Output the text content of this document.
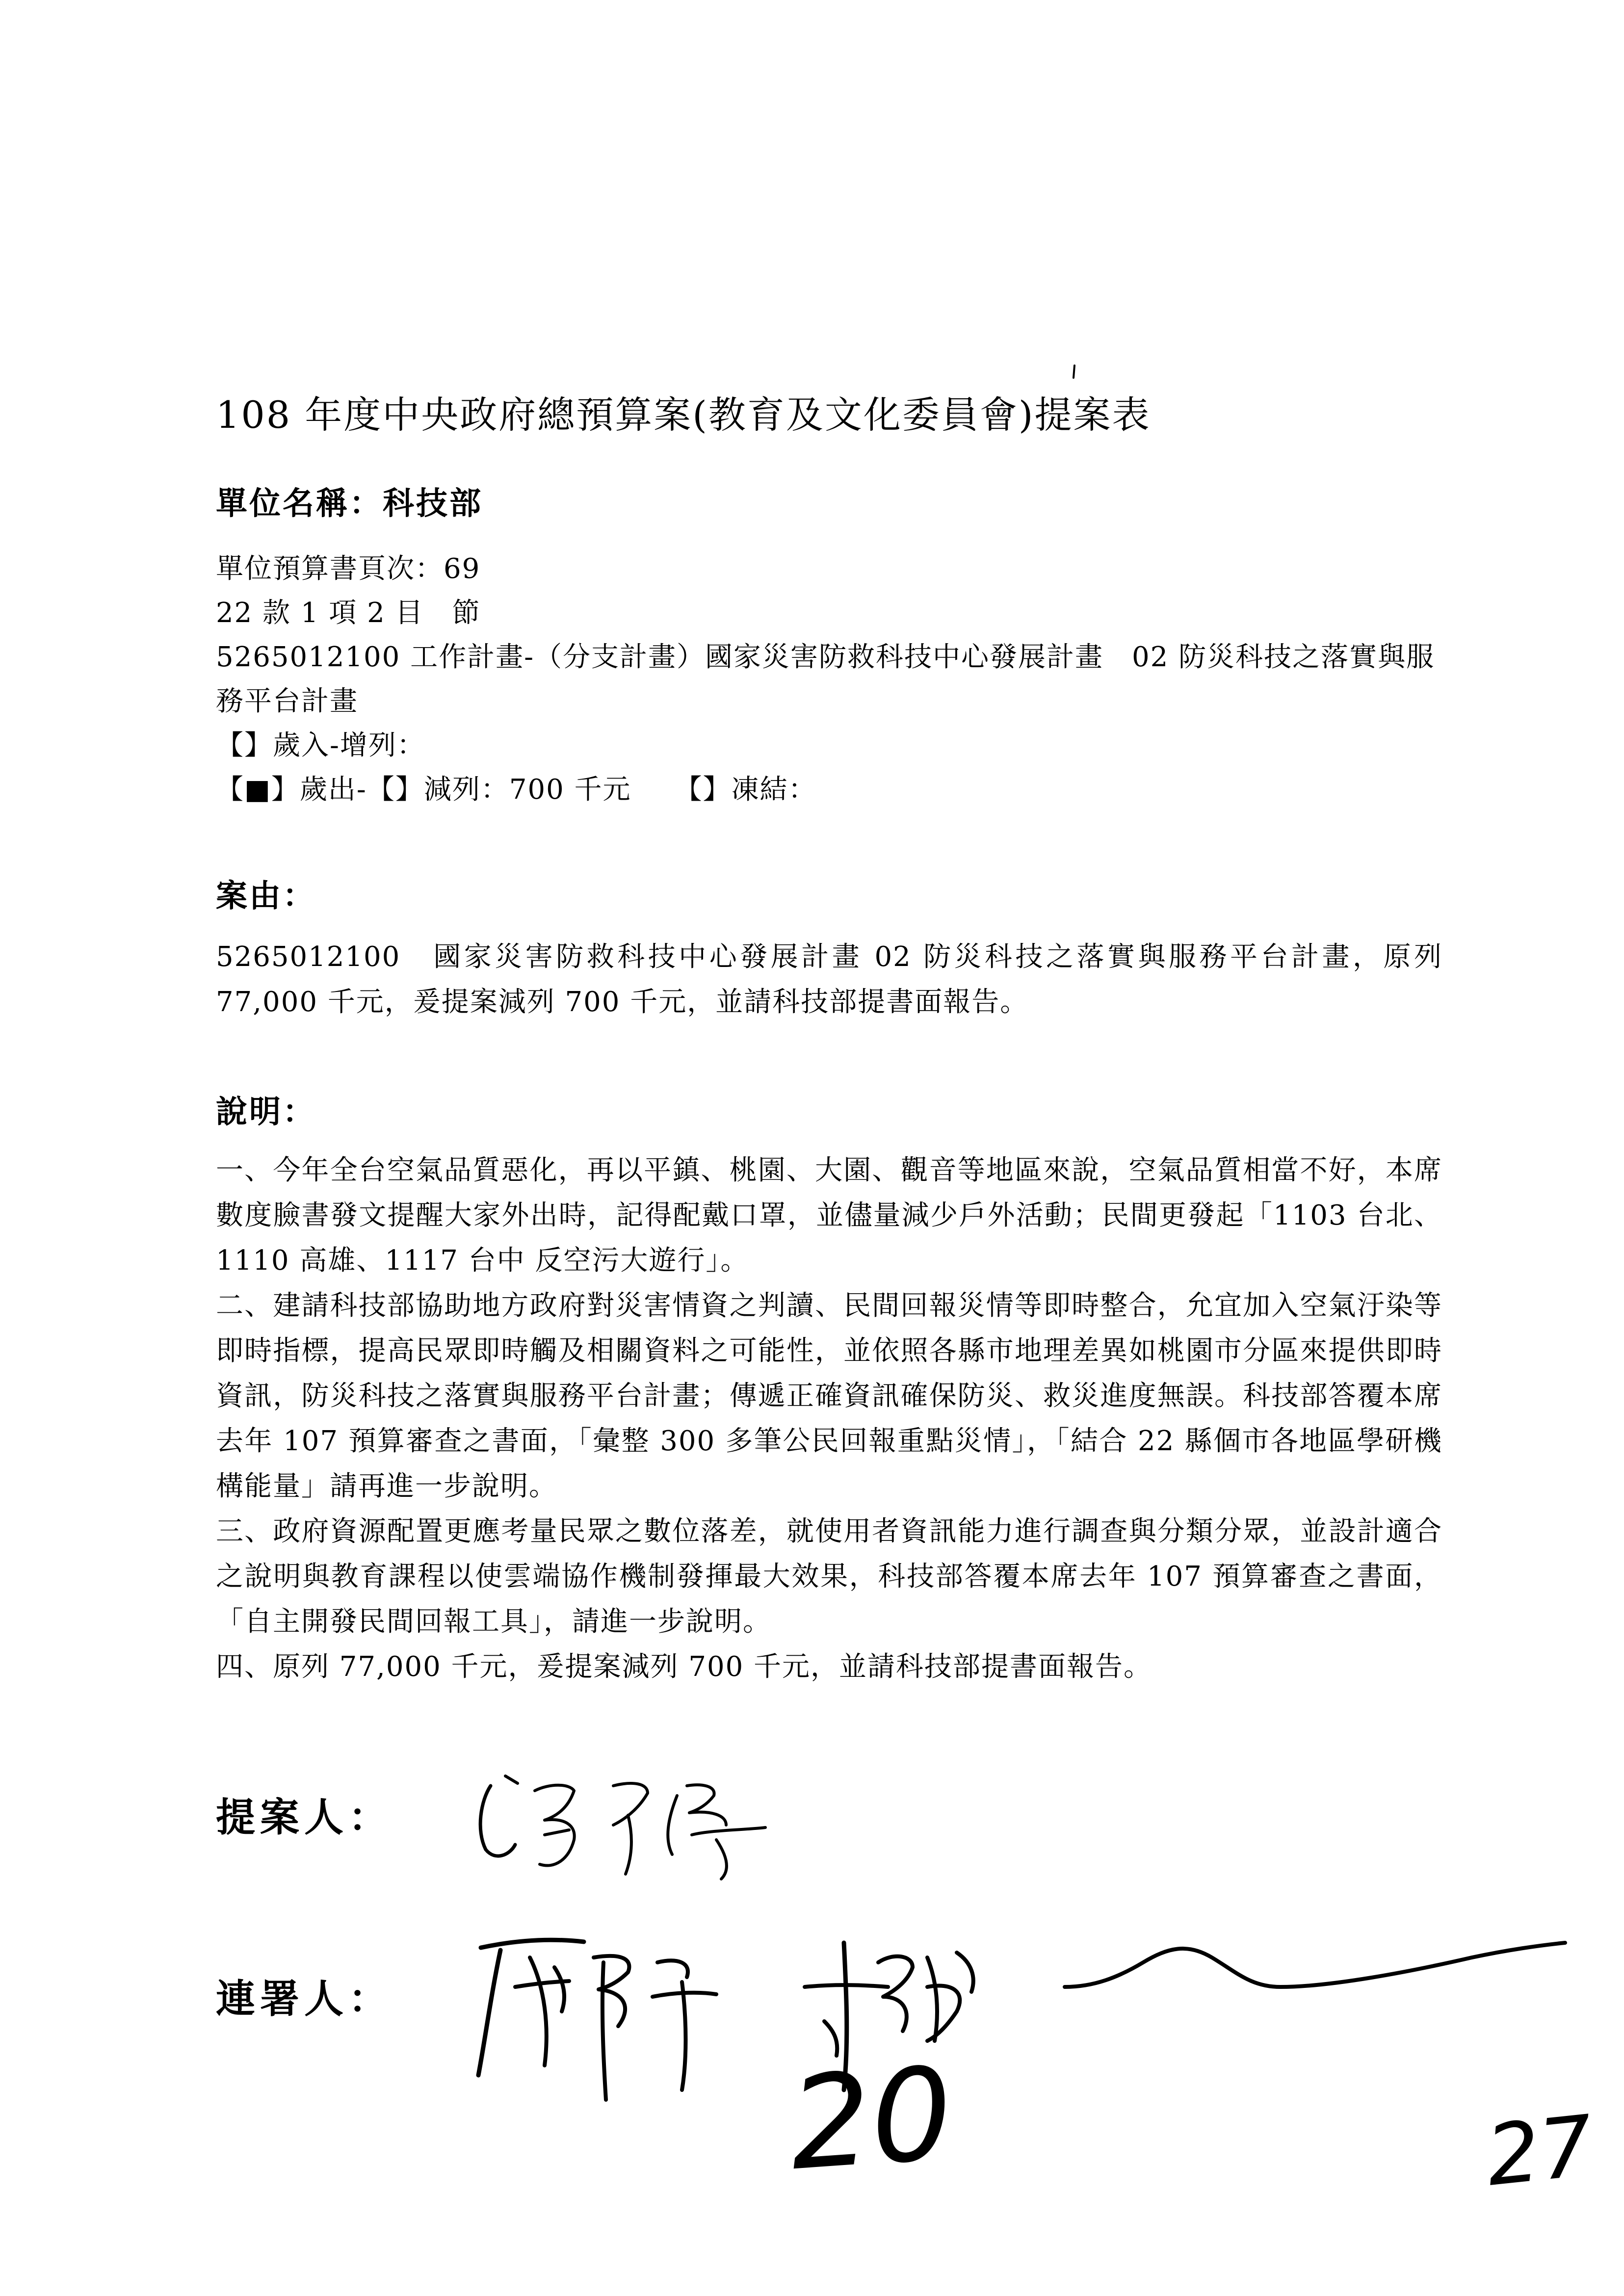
108 年度中央政府總預算案(教育及文化委員會)提案表
單位名稱：科技部
單位預算書頁次：69
22 款 1 項 2 目　節
5265012100 工作計畫-（分支計畫）國家災害防救科技中心發展計畫　02 防災科技之落實與服務平台計畫
【】歲入-增列：
【■】歲出-【】減列：700 千元　　【】凍結：
案由：
5265012100　國家災害防救科技中心發展計畫 02 防災科技之落實與服務平台計畫，原列 77,000 千元，爰提案減列 700 千元，並請科技部提書面報告。
說明：
一、今年全台空氣品質惡化，再以平鎮、桃園、大園、觀音等地區來說，空氣品質相當不好，本席數度臉書發文提醒大家外出時，記得配戴口罩，並儘量減少戶外活動；民間更發起「1103 台北、1110 高雄、1117 台中 反空污大遊行」。
二、建請科技部協助地方政府對災害情資之判讀、民間回報災情等即時整合，允宜加入空氣汙染等即時指標，提高民眾即時觸及相關資料之可能性，並依照各縣市地理差異如桃園市分區來提供即時資訊，防災科技之落實與服務平台計畫；傳遞正確資訊確保防災、救災進度無誤。科技部答覆本席去年 107 預算審查之書面，「彙整 300 多筆公民回報重點災情」，「結合 22 縣個市各地區學研機構能量」請再進一步說明。
三、政府資源配置更應考量民眾之數位落差，就使用者資訊能力進行調查與分類分眾，並設計適合之說明與教育課程以使雲端協作機制發揮最大效果，科技部答覆本席去年 107 預算審查之書面，「自主開發民間回報工具」，請進一步說明。
四、原列 77,000 千元，爰提案減列 700 千元，並請科技部提書面報告。
提案人：
連署人：
20	27
